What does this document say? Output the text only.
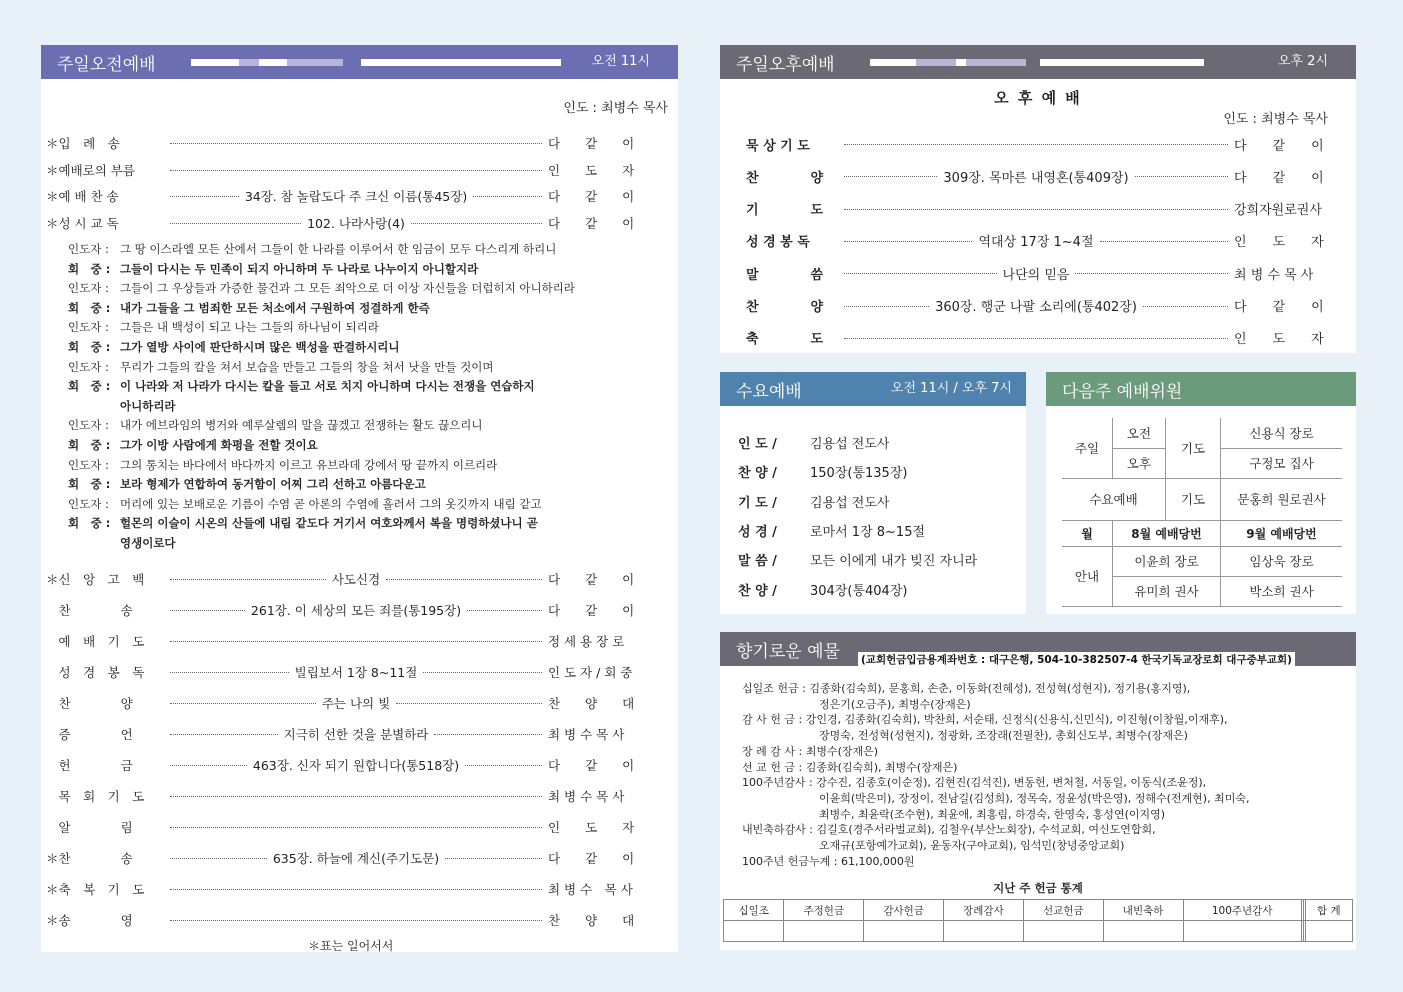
주일오전예배	오전 11시
인도 : 최병수 목사
＊입　례　송	다　　같　　이
＊예배로의 부름	인　　도　　자
＊예 배 찬 송	34장. 참 놀랍도다 주 크신 이름(통45장)	다　　같　　이
＊성 시 교 독	102. 나라사랑(4)	다　　같　　이
인도자 : 그 땅 이스라엘 모든 산에서 그들이 한 나라를 이루어서 한 임금이 모두 다스리게 하리니
회　중 : 그들이 다시는 두 민족이 되지 아니하며 두 나라로 나누이지 아니할지라
인도자 : 그들이 그 우상들과 가증한 물건과 그 모든 죄악으로 더 이상 자신들을 더럽히지 아니하리라
회　중 : 내가 그들을 그 범죄한 모든 처소에서 구원하여 정결하게 한즉
인도자 : 그들은 내 백성이 되고 나는 그들의 하나님이 되리라
회　중 : 그가 열방 사이에 판단하시며 많은 백성을 판결하시리니
인도자 : 무리가 그들의 칼을 쳐서 보습을 만들고 그들의 창을 쳐서 낫을 만들 것이며
회　중 : 이 나라와 저 나라가 다시는 칼을 들고 서로 치지 아니하며 다시는 전쟁을 연습하지
아니하리라
인도자 : 내가 에브라임의 병거와 예루살렘의 말을 끊겠고 전쟁하는 활도 끊으리니
회　중 : 그가 이방 사람에게 화평을 전할 것이요
인도자 : 그의 통치는 바다에서 바다까지 이르고 유브라데 강에서 땅 끝까지 이르리라
회　중 : 보라 형제가 연합하여 동거함이 어찌 그리 선하고 아름다운고
인도자 : 머리에 있는 보배로운 기름이 수염 곧 아론의 수염에 흘러서 그의 옷깃까지 내림 같고
회　중 : 헐몬의 이슬이 시온의 산들에 내림 같도다 거기서 여호와께서 복을 명령하셨나니 곧
영생이로다
＊신　앙　고　백	사도신경	다　　같　　이
　찬　　　　송	261장. 이 세상의 모든 죄를(통195장)	다　　같　　이
　예　배　기　도	정 세 용 장 로
　성　경　봉　독	빌립보서 1장 8~11절	인 도 자 / 회 중
　찬　　　　양	주는 나의 빛	찬　　양　　대
　증　　　　언	지극히 선한 것을 분별하라	최 병 수 목 사
　헌　　　　금	463장. 신자 되기 원합니다(통518장)	다　　같　　이
　목　회　기　도	최 병 수 목 사
　알　　　　림	인　　도　　자
＊찬　　　　송	635장. 하늘에 계신(주기도문)	다　　같　　이
＊축　복　기　도	최 병 수　목 사
＊송　　　　영	찬　　양　　대
＊표는 일어서서
주일오후예배	오후 2시
오 후 예 배
인도 : 최병수 목사
묵 상 기 도	다　　같　　이
찬　　　　양	309장. 목마른 내영혼(통409장)	다　　같　　이
기　　　　도	강희자원로권사
성 경 봉 독	역대상 17장 1~4절	인　　도　　자
말　　　　씀	나단의 믿음	최 병 수 목 사
찬　　　　양	360장. 행군 나팔 소리에(통402장)	다　　같　　이
축　　　　도	인　　도　　자
수요예배	오전 11시 / 오후 7시
인 도 /	김용섭 전도사
찬 양 /	150장(통135장)
기 도 /	김용섭 전도사
성 경 /	로마서 1장 8~15절
말 씀 /	모든 이에게 내가 빚진 자니라
찬 양 /	304장(통404장)
다음주 예배위원
주일	오전	기도	신용식 장로
	오후		구정모 집사
수요예배		기도	문홍희 원로권사
월	8월 예배당번		9월 예배당번
안내	이윤희 장로		임상욱 장로
	유미희 권사		박소희 권사
향기로운 예물 (교회헌금입금용계좌번호 : 대구은행, 504-10-382507-4 한국기독교장로회 대구중부교회)
지난 주 헌금 통계
십일조	주정헌금	감사헌금	장례감사	선교헌금	내빈축하	100주년감사			합 계

십일조 헌금 : 김종화(김숙희), 문홍희, 손춘, 이동화(전혜성), 전성혁(성현지), 정기용(홍지영),
　　　　　　　정은기(오금주), 최병수(장재은)
감 사 헌 금 : 강인경, 김종화(김숙희), 박찬희, 서순태, 신정식(신용식,신민식), 이진형(이창월,이재후),
　　　　　　　장명숙, 전성혁(성현지), 정광화, 조장래(전필찬), 총회신도부, 최병수(장재은)
장 례 감 사 : 최병수(장재은)
선 교 헌 금 : 김종화(김숙희), 최병수(장재은)
100주년감사 : 강수진, 김종호(이순정), 김현진(김석진), 변동헌, 변처철, 서동일, 이동식(조윤정),
　　　　　　　이윤희(박은미), 장정이, 전남길(김성희), 정목숙, 정윤성(박은영), 정해수(전계현), 최미숙,
　　　　　　　최병수, 최윤락(조수현), 최윤애, 최홍림, 하경숙, 한영숙, 홍성연(이지영)
내빈축하감사 : 김길호(경주서라벌교회), 김철우(부산노회장), 수석교회, 여신도연합회,
　　　　　　　오재규(포항예가교회), 윤동자(구야교회), 임석민(창녕중앙교회)
100주년 헌금누계 : 61,100,000원
